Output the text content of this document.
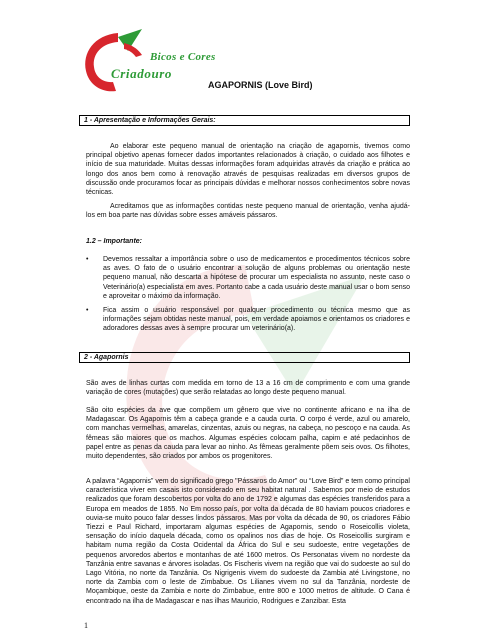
Bicos e Cores
Criadouro
AGAPORNIS (Love Bird)
1 - Apresentação e Informações Gerais:

Ao elaborar este pequeno manual de orientação na criação de agapornis, tivemos como principal objetivo apenas fornecer dados importantes relacionados à criação, o cuidado aos filhotes e início de sua maturidade. Muitas dessas informações foram adquiridas através da criação e prática ao longo dos anos bem como à renovação através de pesquisas realizadas em diversos grupos de discussão onde procuramos focar as principais dúvidas e melhorar nossos conhecimentos sobre novas técnicas.

Acreditamos que as informações contidas neste pequeno manual de orientação, venha ajudá-los em boa parte nas dúvidas sobre esses amáveis pássaros.

1.2 – Importante:
• Devemos ressaltar a importância sobre o uso de medicamentos e procedimentos técnicos sobre as aves. O fato de o usuário encontrar a solução de alguns problemas ou orientação neste pequeno manual, não descarta a hipótese de procurar um especialista no assunto, neste caso o Veterinário(a) especialista em aves. Portanto cabe a cada usuário deste manual usar o bom senso e aproveitar o máximo da informação.
• Fica assim o usuário responsável por qualquer procedimento ou técnica mesmo que as informações sejam obtidas neste manual, pois, em verdade apoiamos e orientamos os criadores e adoradores dessas aves à sempre procurar um veterinário(a).
2 - Agapornis

São aves de linhas curtas com medida em torno de 13 a 16 cm de comprimento e com uma grande variação de cores (mutações) que serão relatadas ao longo deste pequeno manual.

São oito espécies da ave que compõem um gênero que vive no continente africano e na ilha de Madagascar. Os Agapornis têm a cabeça grande e a cauda curta. O corpo é verde, azul ou amarelo, com manchas vermelhas, amarelas, cinzentas, azuis ou negras, na cabeça, no pescoço e na cauda. As fêmeas são maiores que os machos. Algumas espécies colocam palha, capim e até pedacinhos de papel entre as penas da cauda para levar ao ninho. As fêmeas geralmente põem seis ovos. Os filhotes, muito dependentes, são criados por ambos os progenitores.

A palavra “Agapornis” vem do significado grego "Pássaros do Amor" ou “Love Bird” e tem como principal característica viver em casais isto considerado em seu habitat natural . Sabemos por meio de estudos realizados que foram descobertos por volta do ano de 1792 e algumas das espécies transferidos para a Europa em meados de 1855. No Em nosso país, por volta da década de 80 haviam poucos criadores e ouvia-se muito pouco falar desses lindos pássaros. Mas por volta da década de 90, os criadores Fábio Tiezzi e Paul Richard, importaram algumas espécies de Agapornis, sendo o Roseicollis violeta, sensação do início daquela década, como os opalinos nos dias de hoje. Os Roseicollis surgiram e habitam numa região da Costa Ocidental da África do Sul e seu sudoeste, entre vegetações de pequenos arvoredos abertos e montanhas de até 1600 metros. Os Personatas vivem no nordeste da Tanzânia entre savanas e árvores isoladas. Os Fischeris vivem na região que vai do sudoeste ao sul do Lago Vitória, no norte da Tanzânia. Os Nigrigenis vivem do sudoeste da Zambia até Livingstone, no norte da Zambia com o leste de Zimbabue. Os Lilianes vivem no sul da Tanzânia, nordeste de Moçambique, oeste da Zambia e norte do Zimbabue, entre 800 e 1000 metros de altitude. O Cana é encontrado na ilha de Madagascar e nas ilhas Mauricio, Rodrigues e Zanzibar. Esta

1
